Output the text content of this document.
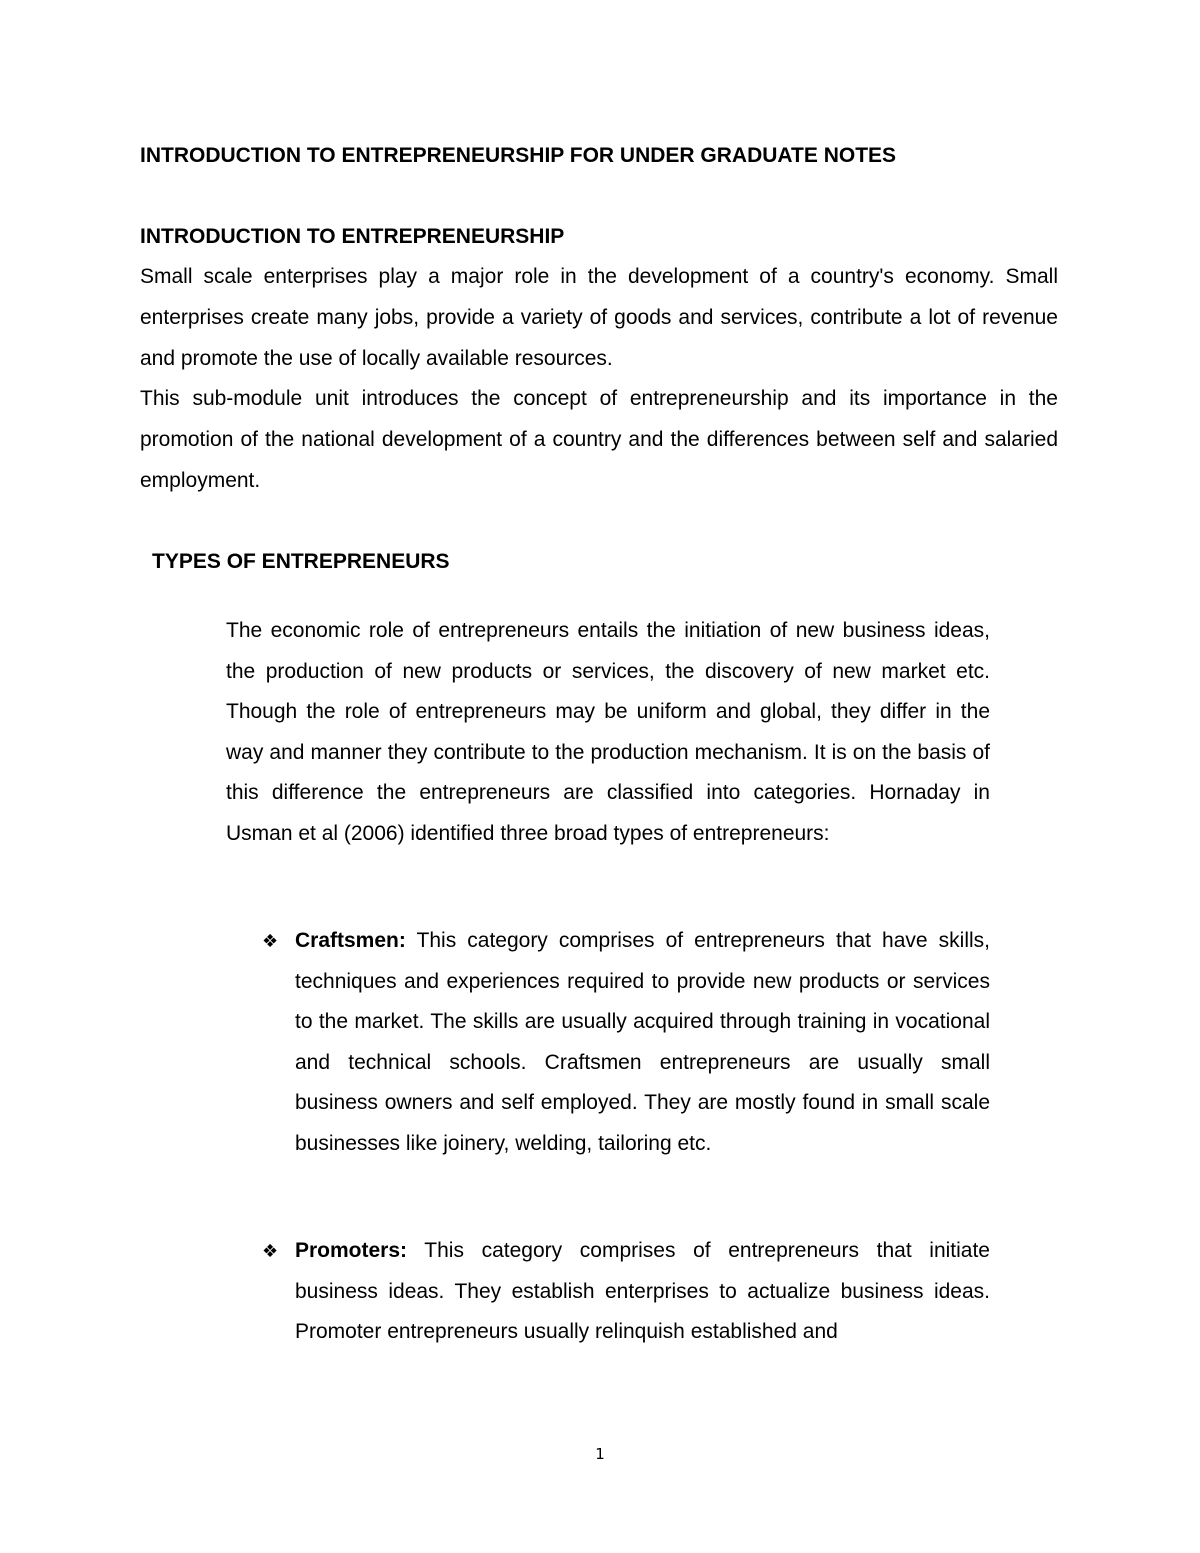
INTRODUCTION TO ENTREPRENEURSHIP FOR UNDER GRADUATE NOTES
INTRODUCTION TO ENTREPRENEURSHIP

Small scale enterprises play a major role in the development of a country's economy. Small enterprises create many jobs, provide a variety of goods and services, contribute a lot of revenue and promote the use of locally available resources.

This sub-module unit introduces the concept of entrepreneurship and its importance in the promotion of the national development of a country and the differences between self and salaried employment.

TYPES OF ENTREPRENEURS

The economic role of entrepreneurs entails the initiation of new business ideas, the production of new products or services, the discovery of new market etc. Though the role of entrepreneurs may be uniform and global, they differ in the way and manner they contribute to the production mechanism. It is on the basis of this difference the entrepreneurs are classified into categories. Hornaday in Usman et al (2006) identified three broad types of entrepreneurs:

❖ Craftsmen: This category comprises of entrepreneurs that have skills, techniques and experiences required to provide new products or services to the market. The skills are usually acquired through training in vocational and technical schools. Craftsmen entrepreneurs are usually small business owners and self employed. They are mostly found in small scale businesses like joinery, welding, tailoring etc.
❖ Promoters: This category comprises of entrepreneurs that initiate business ideas. They establish enterprises to actualize business ideas. Promoter entrepreneurs usually relinquish established and
1
